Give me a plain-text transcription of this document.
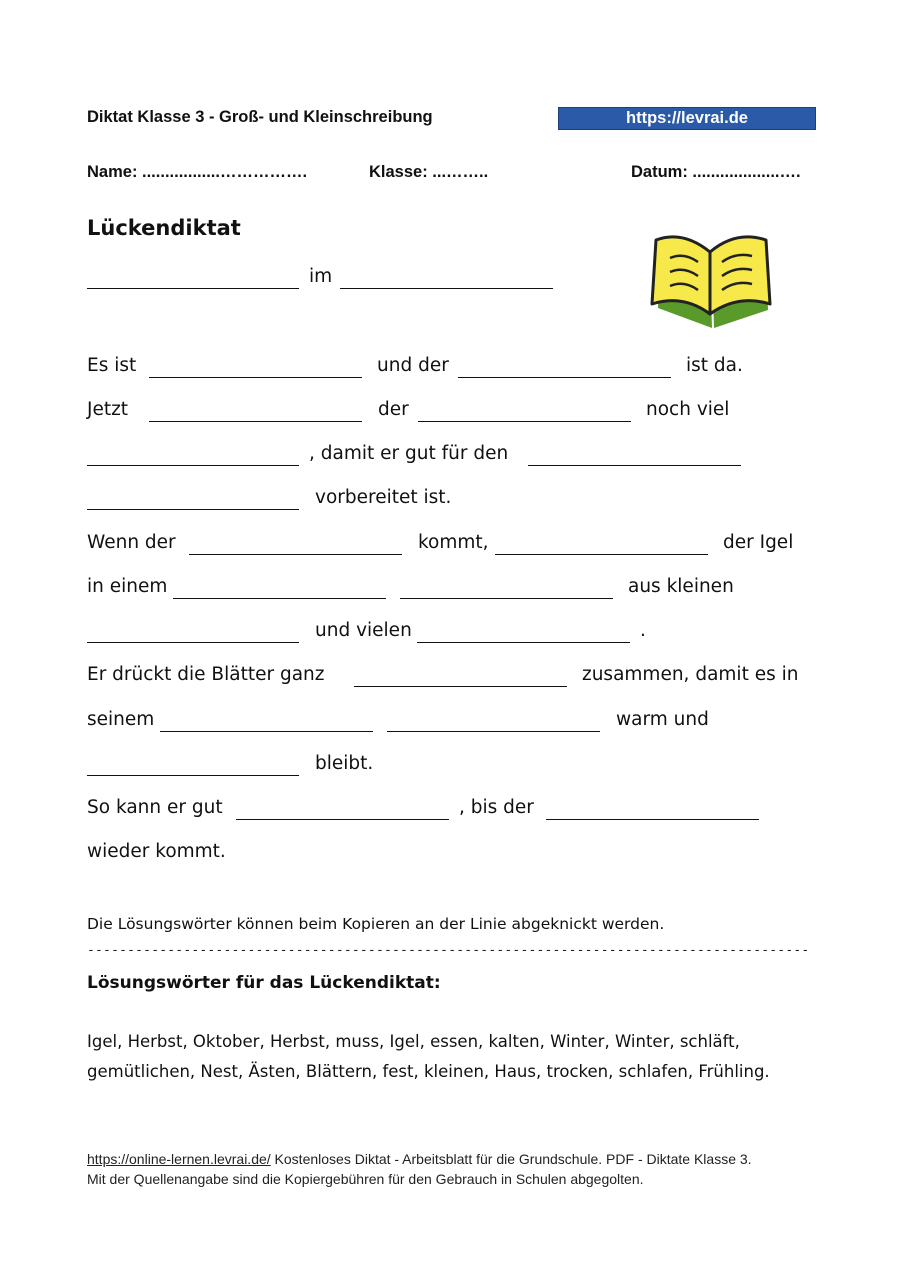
Diktat Klasse 3 - Groß- und Kleinschreibung	https://levrai.de
Name: .................…………….	Klasse: ...……..	Datum: ...................….
Lückendiktat
im
Es ist	und der	ist da.
Jetzt	der	noch viel
, damit er gut für den
vorbereitet ist.
Wenn der	kommt,	der Igel
in einem	aus kleinen
und vielen	.
Er drückt die Blätter ganz	zusammen, damit es in
seinem	warm und
bleibt.
So kann er gut	, bis der
wieder kommt.
Die Lösungswörter können beim Kopieren an der Linie abgeknickt werden.
------------------------------------------------------------------------------------------
Lösungswörter für das Lückendiktat:
Igel, Herbst, Oktober, Herbst, muss, Igel, essen, kalten, Winter, Winter, schläft,
gemütlichen, Nest, Ästen, Blättern, fest, kleinen, Haus, trocken, schlafen, Frühling.
https://online-lernen.levrai.de/ Kostenloses Diktat - Arbeitsblatt für die Grundschule. PDF - Diktate Klasse 3.
Mit der Quellenangabe sind die Kopiergebühren für den Gebrauch in Schulen abgegolten.
